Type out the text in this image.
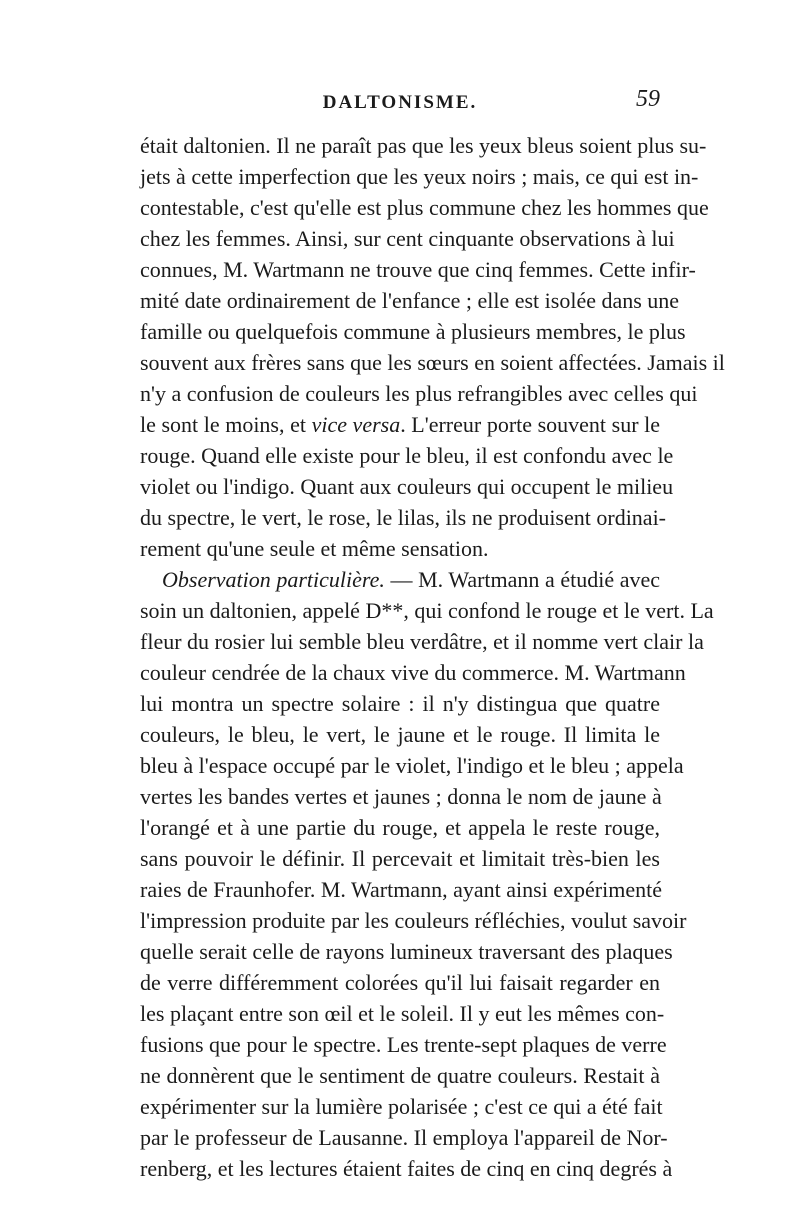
DALTONISME.	59
était daltonien. Il ne paraît pas que les yeux bleus soient plus su-
jets à cette imperfection que les yeux noirs ; mais, ce qui est in-
contestable, c'est qu'elle est plus commune chez les hommes que
chez les femmes. Ainsi, sur cent cinquante observations à lui
connues, M. Wartmann ne trouve que cinq femmes. Cette infir-
mité date ordinairement de l'enfance ; elle est isolée dans une
famille ou quelquefois commune à plusieurs membres, le plus
souvent aux frères sans que les sœurs en soient affectées. Jamais il
n'y a confusion de couleurs les plus refrangibles avec celles qui
le sont le moins, et vice versa. L'erreur porte souvent sur le
rouge. Quand elle existe pour le bleu, il est confondu avec le
violet ou l'indigo. Quant aux couleurs qui occupent le milieu
du spectre, le vert, le rose, le lilas, ils ne produisent ordinai-
rement qu'une seule et même sensation.
Observation particulière. — M. Wartmann a étudié avec
soin un daltonien, appelé D**, qui confond le rouge et le vert. La
fleur du rosier lui semble bleu verdâtre, et il nomme vert clair la
couleur cendrée de la chaux vive du commerce. M. Wartmann
lui montra un spectre solaire : il n'y distingua que quatre
couleurs, le bleu, le vert, le jaune et le rouge. Il limita le
bleu à l'espace occupé par le violet, l'indigo et le bleu ; appela
vertes les bandes vertes et jaunes ; donna le nom de jaune à
l'orangé et à une partie du rouge, et appela le reste rouge,
sans pouvoir le définir. Il percevait et limitait très-bien les
raies de Fraunhofer. M. Wartmann, ayant ainsi expérimenté
l'impression produite par les couleurs réfléchies, voulut savoir
quelle serait celle de rayons lumineux traversant des plaques
de verre différemment colorées qu'il lui faisait regarder en
les plaçant entre son œil et le soleil. Il y eut les mêmes con-
fusions que pour le spectre. Les trente-sept plaques de verre
ne donnèrent que le sentiment de quatre couleurs. Restait à
expérimenter sur la lumière polarisée ; c'est ce qui a été fait
par le professeur de Lausanne. Il employa l'appareil de Nor-
renberg, et les lectures étaient faites de cinq en cinq degrés à
